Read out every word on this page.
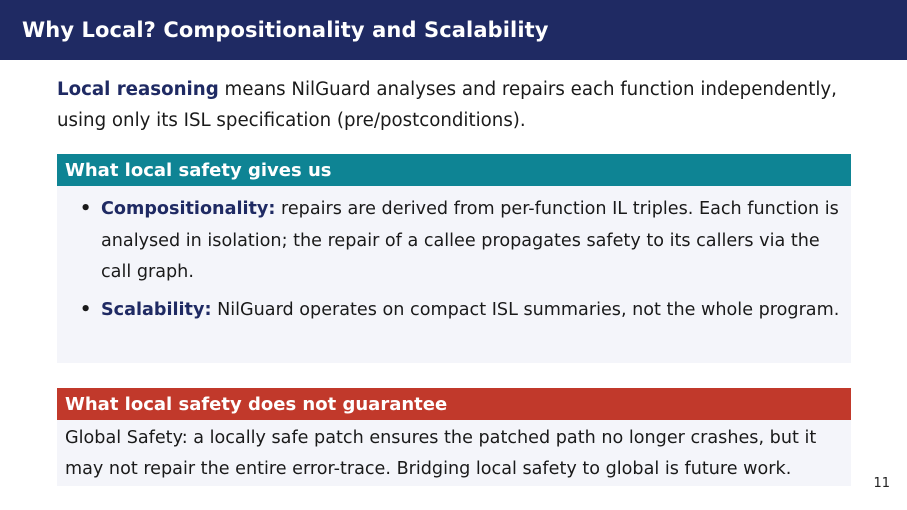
Why Local? Compositionality and Scalability
Local reasoning means NilGuard analyses and repairs each function independently, using only its ISL specification (pre/postconditions).
What local safety gives us
• Compositionality: repairs are derived from per-function IL triples. Each function is analysed in isolation; the repair of a callee propagates safety to its callers via the call graph.
• Scalability: NilGuard operates on compact ISL summaries, not the whole program.
What local safety does not guarantee
Global Safety: a locally safe patch ensures the patched path no longer crashes, but it may not repair the entire error-trace. Bridging local safety to global is future work.
11
